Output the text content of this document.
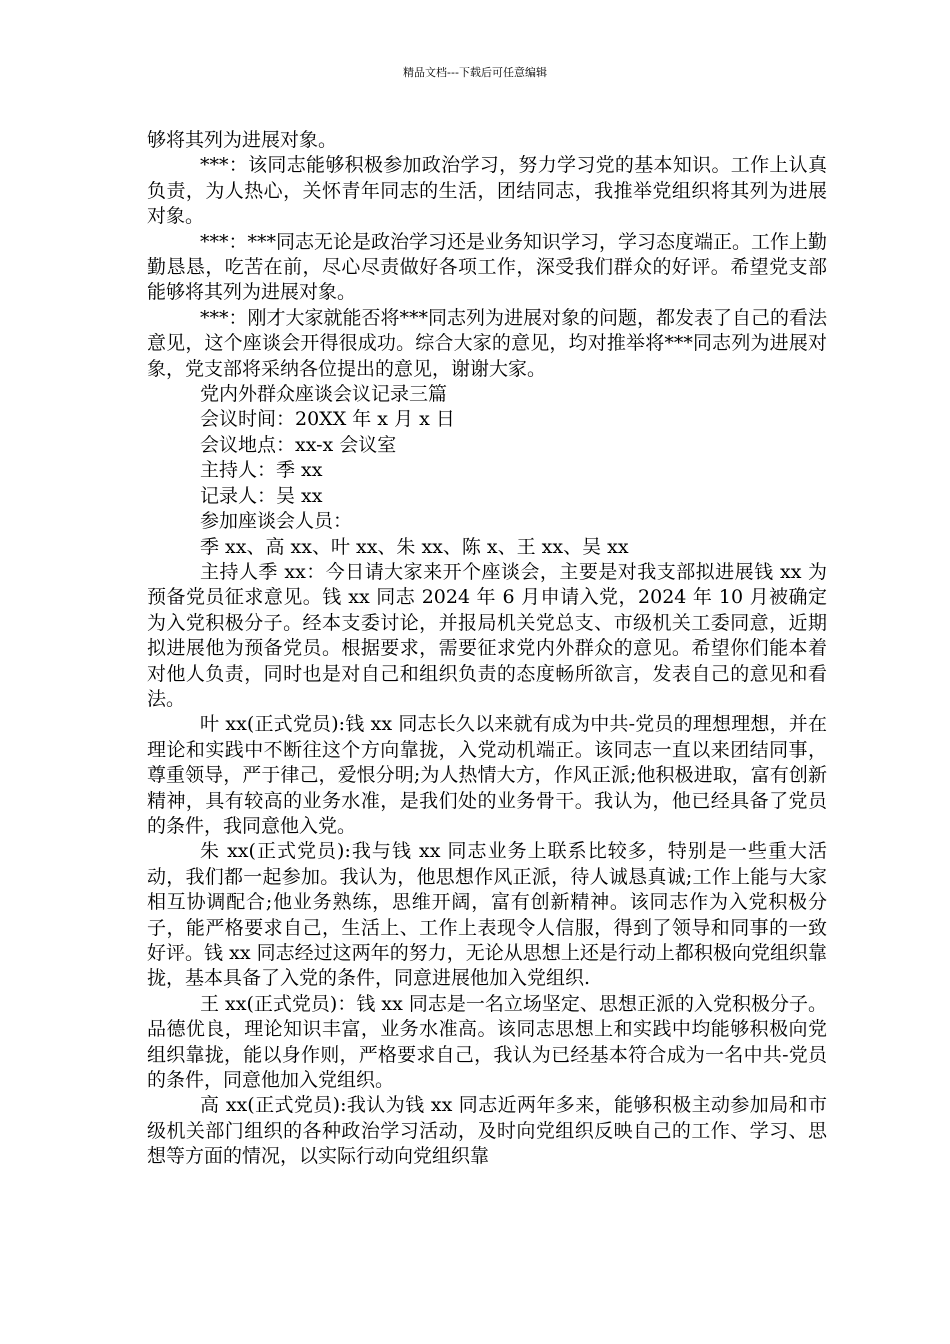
精品文档---下载后可任意编辑

够将其列为进展对象。

***：该同志能够积极参加政治学习，努力学习党的基本知识。工作上认真负责，为人热心，关怀青年同志的生活，团结同志，我推举党组织将其列为进展对象。

***：***同志无论是政治学习还是业务知识学习，学习态度端正。工作上勤勤恳恳，吃苦在前，尽心尽责做好各项工作，深受我们群众的好评。希望党支部能够将其列为进展对象。

***：刚才大家就能否将***同志列为进展对象的问题，都发表了自己的看法意见，这个座谈会开得很成功。综合大家的意见，均对推举将***同志列为进展对象，党支部将采纳各位提出的意见，谢谢大家。

党内外群众座谈会议记录三篇

会议时间：20XX 年 x 月 x 日

会议地点：xx-x 会议室

主持人：季 xx

记录人：吴 xx

参加座谈会人员：

季 xx、高 xx、叶 xx、朱 xx、陈 x、王 xx、吴 xx

主持人季 xx：今日请大家来开个座谈会，主要是对我支部拟进展钱 xx 为预备党员征求意见。钱 xx 同志 2024 年 6 月申请入党，2024 年 10 月被确定为入党积极分子。经本支委讨论，并报局机关党总支、市级机关工委同意，近期拟进展他为预备党员。根据要求，需要征求党内外群众的意见。希望你们能本着对他人负责，同时也是对自己和组织负责的态度畅所欲言，发表自己的意见和看法。

叶 xx(正式党员):钱 xx 同志长久以来就有成为中共-党员的理想理想，并在理论和实践中不断往这个方向靠拢，入党动机端正。该同志一直以来团结同事，尊重领导，严于律己，爱恨分明;为人热情大方，作风正派;他积极进取，富有创新精神，具有较高的业务水准，是我们处的业务骨干。我认为，他已经具备了党员的条件，我同意他入党。

朱 xx(正式党员):我与钱 xx 同志业务上联系比较多，特别是一些重大活动，我们都一起参加。我认为，他思想作风正派，待人诚恳真诚;工作上能与大家相互协调配合;他业务熟练，思维开阔，富有创新精神。该同志作为入党积极分子，能严格要求自己，生活上、工作上表现令人信服，得到了领导和同事的一致好评。钱 xx 同志经过这两年的努力，无论从思想上还是行动上都积极向党组织靠拢，基本具备了入党的条件，同意进展他加入党组织.

王 xx(正式党员)：钱 xx 同志是一名立场坚定、思想正派的入党积极分子。品德优良，理论知识丰富，业务水准高。该同志思想上和实践中均能够积极向党组织靠拢，能以身作则，严格要求自己，我认为已经基本符合成为一名中共-党员的条件，同意他加入党组织。

高 xx(正式党员):我认为钱 xx 同志近两年多来，能够积极主动参加局和市级机关部门组织的各种政治学习活动，及时向党组织反映自己的工作、学习、思想等方面的情况，以实际行动向党组织靠
